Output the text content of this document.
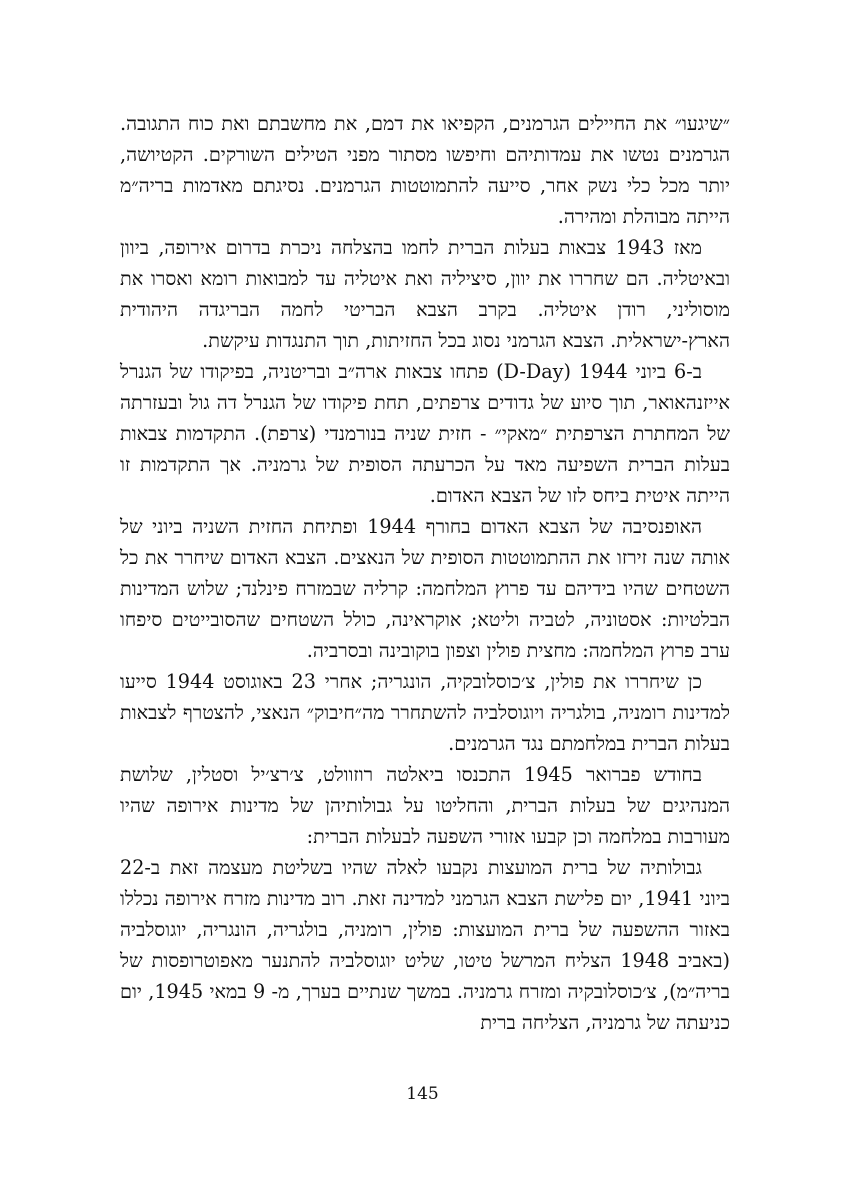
״שיגעו״ את החיילים הגרמנים, הקפיאו את דמם, את מחשבתם ואת כוח התגובה. הגרמנים נטשו את עמדותיהם וחיפשו מסתור מפני הטילים השורקים. הקטיושה, יותר מכל כלי נשק אחר, סייעה להתמוטטות הגרמנים. נסיגתם מאדמות בריה״מ הייתה מבוהלת ומהירה.

מאז 1943 צבאות בעלות הברית לחמו בהצלחה ניכרת בדרום אירופה, ביוון ובאיטליה. הם שחררו את יוון, סיציליה ואת איטליה עד למבואות רומא ואסרו את מוסוליני, רודן איטליה. בקרב הצבא הבריטי לחמה הבריגדה היהודית הארץ-ישראלית. הצבא הגרמני נסוג בכל החזיתות, תוך התנגדות עיקשת.

ב-6 ביוני 1944 (D-Day) פתחו צבאות ארה״ב ובריטניה, בפיקודו של הגנרל אייזנהאואר, תוך סיוע של גדודים צרפתים, תחת פיקודו של הגנרל דה גול ובעזרתה של המחתרת הצרפתית ״מאקי״ - חזית שניה בנורמנדי (צרפת). התקדמות צבאות בעלות הברית השפיעה מאד על הכרעתה הסופית של גרמניה. אך התקדמות זו הייתה איטית ביחס לזו של הצבא האדום.

האופנסיבה של הצבא האדום בחורף 1944 ופתיחת החזית השניה ביוני של אותה שנה זירזו את ההתמוטטות הסופית של הנאצים. הצבא האדום שיחרר את כל השטחים שהיו בידיהם עד פרוץ המלחמה: קרליה שבמזרח פינלנד; שלוש המדינות הבלטיות: אסטוניה, לטביה וליטא; אוקראינה, כולל השטחים שהסובייטים סיפחו ערב פרוץ המלחמה: מחצית פולין וצפון בוקובינה ובסרביה.

כן שיחררו את פולין, צ׳כוסלובקיה, הונגריה; אחרי 23 באוגוסט 1944 סייעו למדינות רומניה, בולגריה ויוגוסלביה להשתחרר מה״חיבוק״ הנאצי, להצטרף לצבאות בעלות הברית במלחמתם נגד הגרמנים.

בחודש פברואר 1945 התכנסו ביאלטה רוזוולט, צ׳רצ׳יל וסטלין, שלושת המנהיגים של בעלות הברית, והחליטו על גבולותיהן של מדינות אירופה שהיו מעורבות במלחמה וכן קבעו אזורי השפעה לבעלות הברית:

גבולותיה של ברית המועצות נקבעו לאלה שהיו בשליטת מעצמה זאת ב-22 ביוני 1941, יום פלישת הצבא הגרמני למדינה זאת. רוב מדינות מזרח אירופה נכללו באזור ההשפעה של ברית המועצות: פולין, רומניה, בולגריה, הונגריה, יוגוסלביה (באביב 1948 הצליח המרשל טיטו, שליט יוגוסלביה להתנער מאפוטרופסות של בריה״מ), צ׳כוסלובקיה ומזרח גרמניה. במשך שנתיים בערך, מ- 9 במאי 1945, יום כניעתה של גרמניה, הצליחה ברית

145
